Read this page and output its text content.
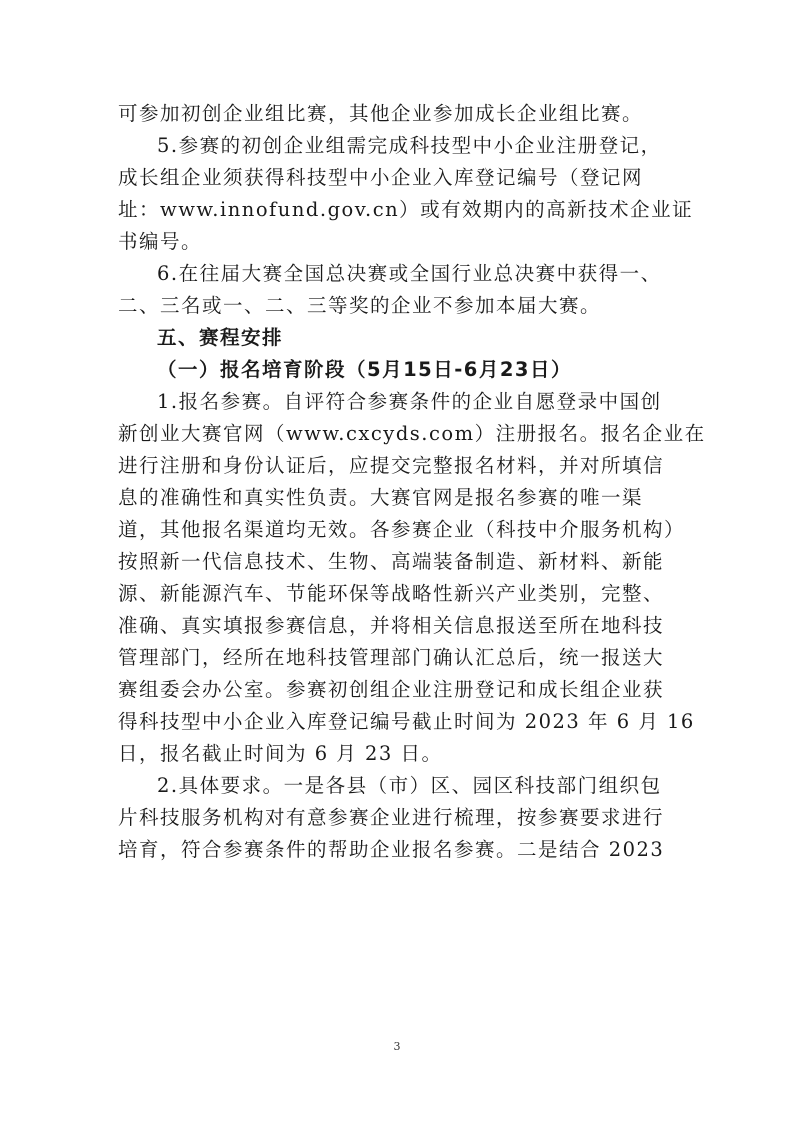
可参加初创企业组比赛，其他企业参加成长企业组比赛。

5.参赛的初创企业组需完成科技型中小企业注册登记，
成长组企业须获得科技型中小企业入库登记编号（登记网
址：www.innofund.gov.cn）或有效期内的高新技术企业证
书编号。

6.在往届大赛全国总决赛或全国行业总决赛中获得一、
二、三名或一、二、三等奖的企业不参加本届大赛。

五、赛程安排

（一）报名培育阶段（5月15日-6月23日）

1.报名参赛。自评符合参赛条件的企业自愿登录中国创
新创业大赛官网（www.cxcyds.com）注册报名。报名企业在
进行注册和身份认证后，应提交完整报名材料，并对所填信
息的准确性和真实性负责。大赛官网是报名参赛的唯一渠
道，其他报名渠道均无效。各参赛企业（科技中介服务机构）
按照新一代信息技术、生物、高端装备制造、新材料、新能
源、新能源汽车、节能环保等战略性新兴产业类别，完整、
准确、真实填报参赛信息，并将相关信息报送至所在地科技
管理部门，经所在地科技管理部门确认汇总后，统一报送大
赛组委会办公室。参赛初创组企业注册登记和成长组企业获
得科技型中小企业入库登记编号截止时间为 2023 年 6 月 16
日，报名截止时间为 6 月 23 日。

2.具体要求。一是各县（市）区、园区科技部门组织包
片科技服务机构对有意参赛企业进行梳理，按参赛要求进行
培育，符合参赛条件的帮助企业报名参赛。二是结合 2023

3
